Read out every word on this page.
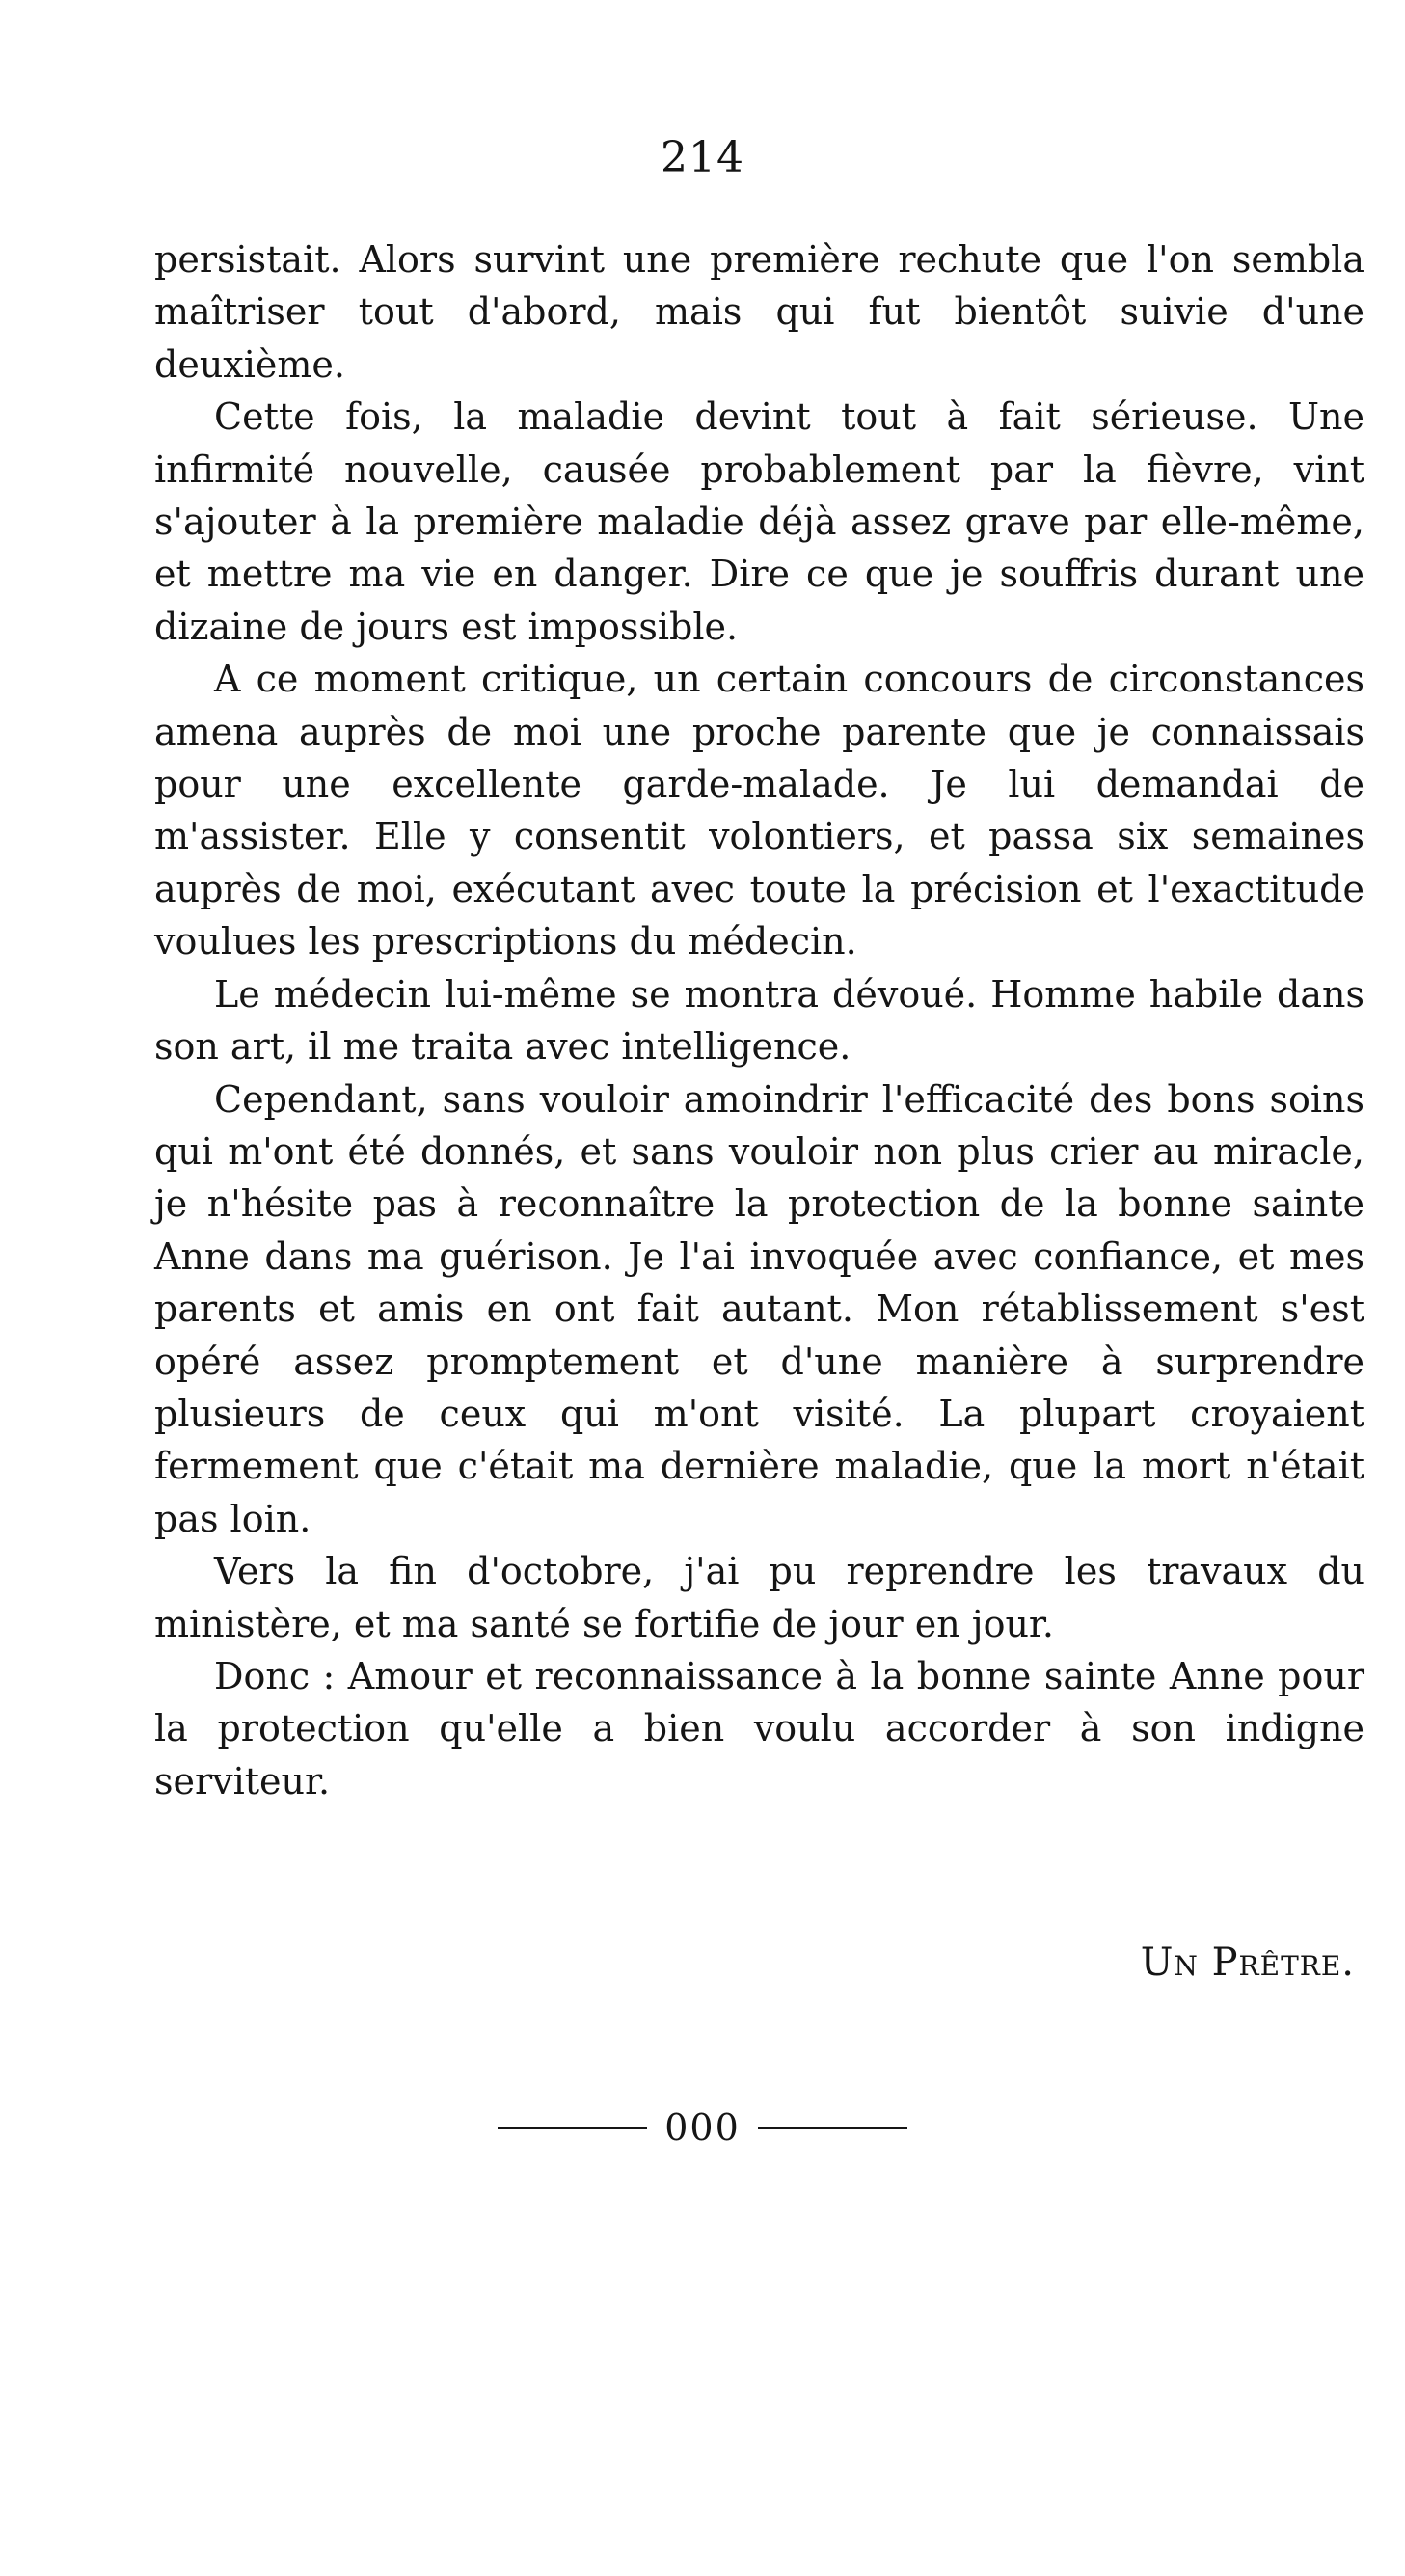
214

persistait. Alors survint une première rechute que l'on sembla maîtriser tout d'abord, mais qui fut bientôt suivie d'une deuxième.

Cette fois, la maladie devint tout à fait sérieuse. Une infirmité nouvelle, causée probablement par la fièvre, vint s'ajouter à la première maladie déjà assez grave par elle-même, et mettre ma vie en danger. Dire ce que je souffris durant une dizaine de jours est impossible.

A ce moment critique, un certain concours de circonstances amena auprès de moi une proche parente que je connaissais pour une excellente garde-malade. Je lui demandai de m'assister. Elle y consentit volontiers, et passa six semaines auprès de moi, exécutant avec toute la précision et l'exactitude voulues les prescriptions du médecin.

Le médecin lui-même se montra dévoué. Homme habile dans son art, il me traita avec intelligence.

Cependant, sans vouloir amoindrir l'efficacité des bons soins qui m'ont été donnés, et sans vouloir non plus crier au miracle, je n'hésite pas à reconnaître la protection de la bonne sainte Anne dans ma guérison. Je l'ai invoquée avec confiance, et mes parents et amis en ont fait autant. Mon rétablissement s'est opéré assez promptement et d'une manière à surprendre plusieurs de ceux qui m'ont visité. La plupart croyaient fermement que c'était ma dernière maladie, que la mort n'était pas loin.

Vers la fin d'octobre, j'ai pu reprendre les travaux du ministère, et ma santé se fortifie de jour en jour.

Donc : Amour et reconnaissance à la bonne sainte Anne pour la protection qu'elle a bien voulu accorder à son indigne serviteur.

Un Prêtre.
000
